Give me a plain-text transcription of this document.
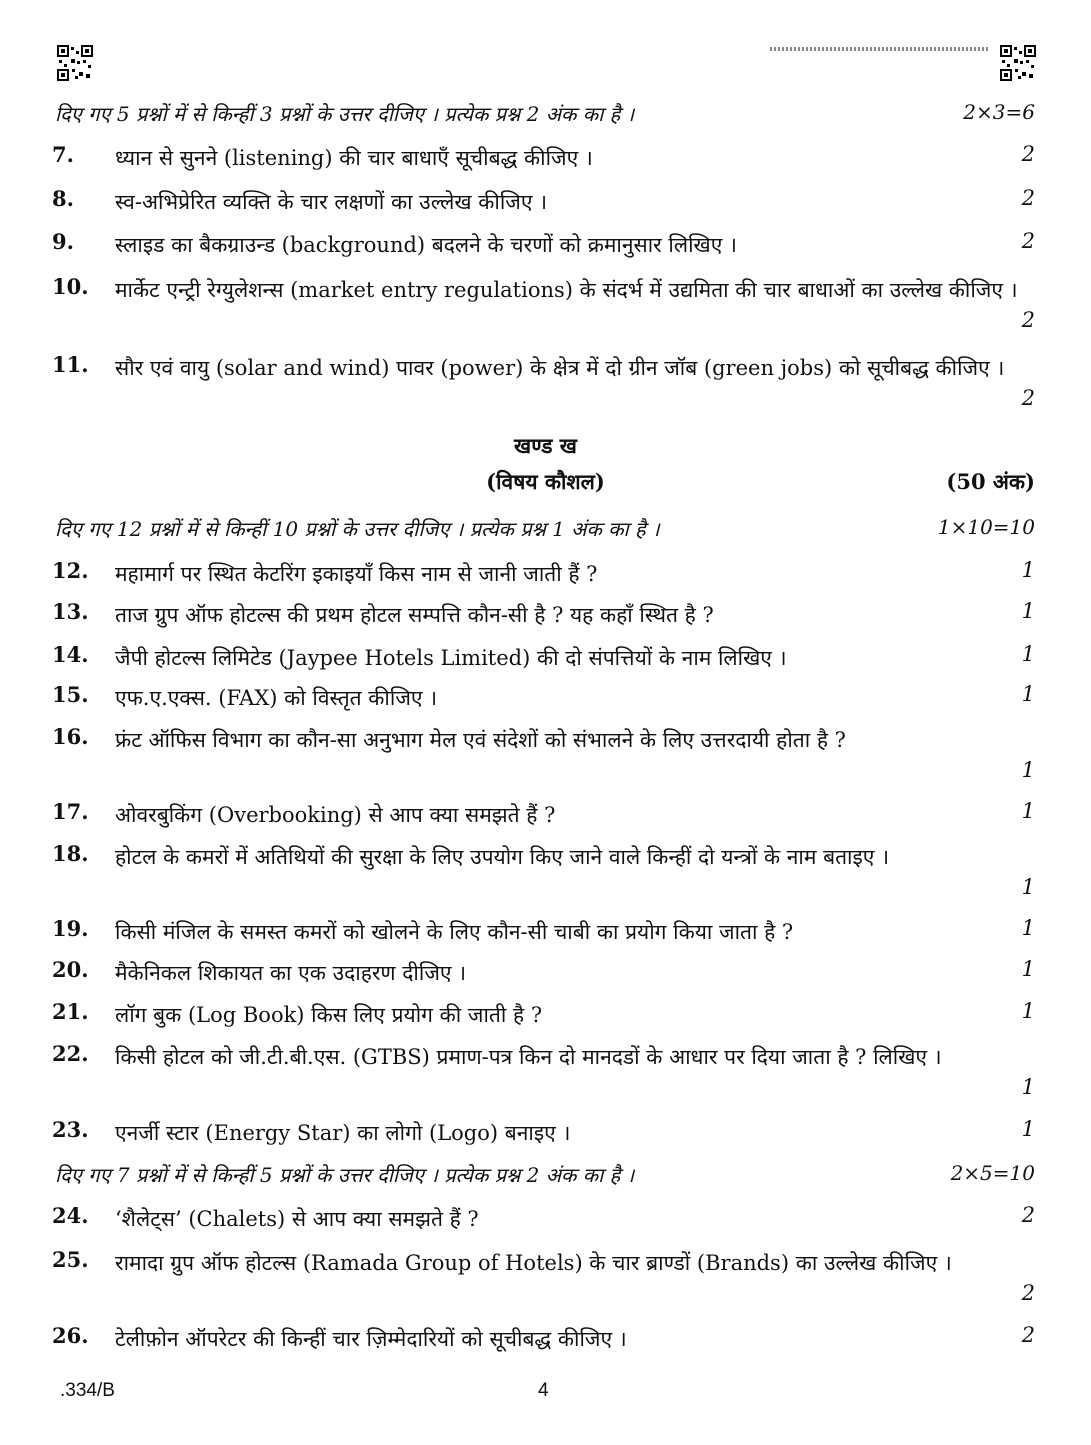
दिए गए 5 प्रश्नों में से किन्हीं 3 प्रश्नों के उत्तर दीजिए । प्रत्येक प्रश्न 2 अंक का है ।	2×3=6
7. ध्यान से सुनने (listening) की चार बाधाएँ सूचीबद्ध कीजिए ।	2
8. स्व-अभिप्रेरित व्यक्ति के चार लक्षणों का उल्लेख कीजिए ।	2
9. स्लाइड का बैकग्राउन्ड (background) बदलने के चरणों को क्रमानुसार लिखिए ।	2
10. मार्केट एन्ट्री रेग्युलेशन्स (market entry regulations) के संदर्भ में उद्यमिता की चार बाधाओं का उल्लेख कीजिए ।
2
11. सौर एवं वायु (solar and wind) पावर (power) के क्षेत्र में दो ग्रीन जॉब (green jobs) को सूचीबद्ध कीजिए ।
2
खण्ड ख
(विषय कौशल)	(50 अंक)
दिए गए 12 प्रश्नों में से किन्हीं 10 प्रश्नों के उत्तर दीजिए । प्रत्येक प्रश्न 1 अंक का है ।	1×10=10
12. महामार्ग पर स्थित केटरिंग इकाइयाँ किस नाम से जानी जाती हैं ?	1
13. ताज ग्रुप ऑफ होटल्स की प्रथम होटल सम्पत्ति कौन-सी है ? यह कहाँ स्थित है ?	1
14. जैपी होटल्स लिमिटेड (Jaypee Hotels Limited) की दो संपत्तियों के नाम लिखिए ।	1
15. एफ.ए.एक्स. (FAX) को विस्तृत कीजिए ।	1
16. फ्रंट ऑफिस विभाग का कौन-सा अनुभाग मेल एवं संदेशों को संभालने के लिए उत्तरदायी होता है ?
1
17. ओवरबुकिंग (Overbooking) से आप क्या समझते हैं ?	1
18. होटल के कमरों में अतिथियों की सुरक्षा के लिए उपयोग किए जाने वाले किन्हीं दो यन्त्रों के नाम बताइए ।
1
19. किसी मंजिल के समस्त कमरों को खोलने के लिए कौन-सी चाबी का प्रयोग किया जाता है ?	1
20. मैकेनिकल शिकायत का एक उदाहरण दीजिए ।	1
21. लॉग बुक (Log Book) किस लिए प्रयोग की जाती है ?	1
22. किसी होटल को जी.टी.बी.एस. (GTBS) प्रमाण-पत्र किन दो मानदडों के आधार पर दिया जाता है ? लिखिए ।
1
23. एनर्जी स्टार (Energy Star) का लोगो (Logo) बनाइए ।	1
दिए गए 7 प्रश्नों में से किन्हीं 5 प्रश्नों के उत्तर दीजिए । प्रत्येक प्रश्न 2 अंक का है ।	2×5=10
24. ‘शैलेट्स’ (Chalets) से आप क्या समझते हैं ?	2
25. रामादा ग्रुप ऑफ होटल्स (Ramada Group of Hotels) के चार ब्राण्डों (Brands) का उल्लेख कीजिए ।
2
26. टेलीफ़ोन ऑपरेटर की किन्हीं चार ज़िम्मेदारियों को सूचीबद्ध कीजिए ।	2
.334/B	4
